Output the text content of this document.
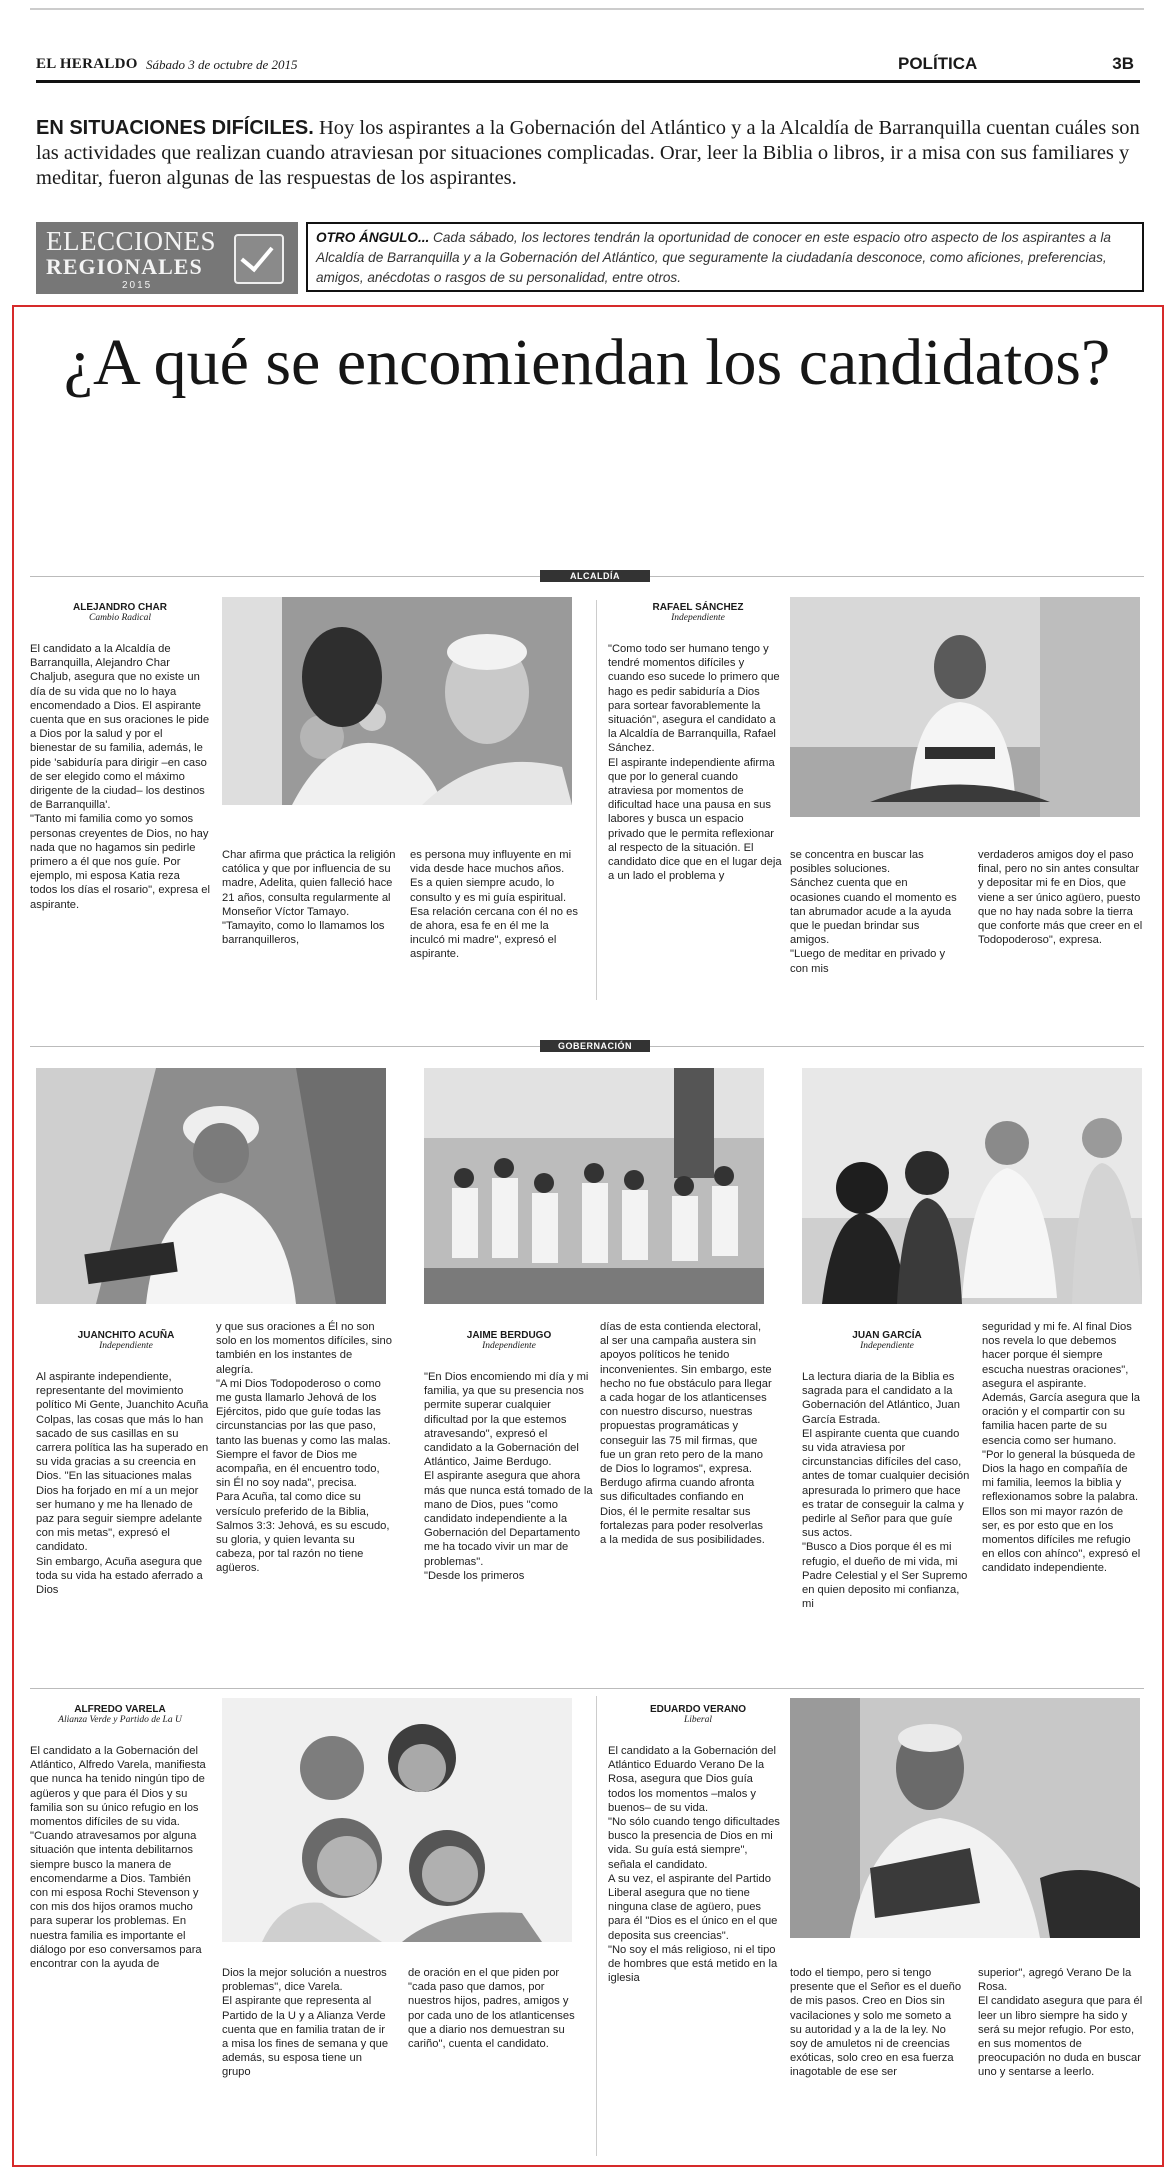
EL HERALDO Sábado 3 de octubre de 2015	POLÍTICA	3B
EN SITUACIONES DIFÍCILES. Hoy los aspirantes a la Gobernación del Atlántico y a la Alcaldía de Barranquilla cuentan cuáles son las actividades que realizan cuando atraviesan por situaciones complicadas. Orar, leer la Biblia o libros, ir a misa con sus familiares y meditar, fueron algunas de las respuestas de los aspirantes.
ELECCIONES
REGIONALES
2015
OTRO ÁNGULO... Cada sábado, los lectores tendrán la oportunidad de conocer en este espacio otro aspecto de los aspirantes a la Alcaldía de Barranquilla y a la Gobernación del Atlántico, que seguramente la ciudadanía desconoce, como aficiones, preferencias, amigos, anécdotas o rasgos de su personalidad, entre otros.
¿A qué se encomiendan los candidatos?
ALCALDÍA
ALEJANDRO CHAR
Cambio Radical
El candidato a la Alcaldía de Barranquilla, Alejandro Char Chaljub, asegura que no existe un día de su vida que no lo haya encomendado a Dios. El aspirante cuenta que en sus oraciones le pide a Dios por la salud y por el bienestar de su familia, además, le pide 'sabiduría para dirigir –en caso de ser elegido como el máximo dirigente de la ciudad– los destinos de Barranquilla'.
"Tanto mi familia como yo somos personas creyentes de Dios, no hay nada que no hagamos sin pedirle primero a él que nos guíe. Por ejemplo, mi esposa Katia reza todos los días el rosario", expresa el aspirante.
Char afirma que práctica la religión católica y que por influencia de su madre, Adelita, quien falleció hace 21 años, consulta regularmente al Monseñor Víctor Tamayo.
"Tamayito, como lo llamamos los barranquilleros,
es persona muy influyente en mi vida desde hace muchos años. Es a quien siempre acudo, lo consulto y es mi guía espiritual. Esa relación cercana con él no es de ahora, esa fe en él me la inculcó mi madre", expresó el aspirante.
RAFAEL SÁNCHEZ
Independiente
"Como todo ser humano tengo y tendré momentos difíciles y cuando eso sucede lo primero que hago es pedir sabiduría a Dios para sortear favorablemente la situación", asegura el candidato a la Alcaldía de Barranquilla, Rafael Sánchez.
El aspirante independiente afirma que por lo general cuando atraviesa por momentos de dificultad hace una pausa en sus labores y busca un espacio privado que le permita reflexionar al respecto de la situación. El candidato dice que en el lugar deja a un lado el problema y
se concentra en buscar las posibles soluciones.
Sánchez cuenta que en ocasiones cuando el momento es tan abrumador acude a la ayuda que le puedan brindar sus amigos.
"Luego de meditar en privado y con mis
verdaderos amigos doy el paso final, pero no sin antes consultar y depositar mi fe en Dios, que viene a ser único agüero, puesto que no hay nada sobre la tierra que conforte más que creer en el Todopoderoso", expresa.
GOBERNACIÓN
JUANCHITO ACUÑA
Independiente
Al aspirante independiente, representante del movimiento político Mi Gente, Juanchito Acuña Colpas, las cosas que más lo han sacado de sus casillas en su carrera política las ha superado en su vida gracias a su creencia en Dios. "En las situaciones malas Dios ha forjado en mí a un mejor ser humano y me ha llenado de paz para seguir siempre adelante con mis metas", expresó el candidato.
Sin embargo, Acuña asegura que toda su vida ha estado aferrado a Dios
y que sus oraciones a Él no son solo en los momentos difíciles, sino también en los instantes de alegría.
"A mi Dios Todopoderoso o como me gusta llamarlo Jehová de los Ejércitos, pido que guíe todas las circunstancias por las que paso, tanto las buenas y como las malas. Siempre el favor de Dios me acompaña, en él encuentro todo, sin Él no soy nada", precisa.
Para Acuña, tal como dice su versículo preferido de la Biblia, Salmos 3:3: Jehová, es su escudo, su gloria, y quien levanta su cabeza, por tal razón no tiene agüeros.
JAIME BERDUGO
Independiente
"En Dios encomiendo mi día y mi familia, ya que su presencia nos permite superar cualquier dificultad por la que estemos atravesando", expresó el candidato a la Gobernación del Atlántico, Jaime Berdugo.
El aspirante asegura que ahora más que nunca está tomado de la mano de Dios, pues "como candidato independiente a la Gobernación del Departamento me ha tocado vivir un mar de problemas".
"Desde los primeros
días de esta contienda electoral, al ser una campaña austera sin apoyos políticos he tenido inconvenientes. Sin embargo, este hecho no fue obstáculo para llegar a cada hogar de los atlanticenses con nuestro discurso, nuestras propuestas programáticas y conseguir las 75 mil firmas, que fue un gran reto pero de la mano de Dios lo logramos", expresa.
Berdugo afirma cuando afronta sus dificultades confiando en Dios, él le permite resaltar sus fortalezas para poder resolverlas a la medida de sus posibilidades.
JUAN GARCÍA
Independiente
La lectura diaria de la Biblia es sagrada para el candidato a la Gobernación del Atlántico, Juan García Estrada.
El aspirante cuenta que cuando su vida atraviesa por circunstancias difíciles del caso, antes de tomar cualquier decisión apresurada lo primero que hace es tratar de conseguir la calma y pedirle al Señor para que guíe sus actos.
"Busco a Dios porque él es mi refugio, el dueño de mi vida, mi Padre Celestial y el Ser Supremo en quien deposito mi confianza, mi
seguridad y mi fe. Al final Dios nos revela lo que debemos hacer porque él siempre escucha nuestras oraciones", asegura el aspirante.
Además, García asegura que la oración y el compartir con su familia hacen parte de su esencia como ser humano.
"Por lo general la búsqueda de Dios la hago en compañía de mi familia, leemos la biblia y reflexionamos sobre la palabra. Ellos son mi mayor razón de ser, es por esto que en los momentos difíciles me refugio en ellos con ahínco", expresó el candidato independiente.
ALFREDO VARELA
Alianza Verde y Partido de La U
El candidato a la Gobernación del Atlántico, Alfredo Varela, manifiesta que nunca ha tenido ningún tipo de agüeros y que para él Dios y su familia son su único refugio en los momentos difíciles de su vida.
"Cuando atravesamos por alguna situación que intenta debilitarnos siempre busco la manera de encomendarme a Dios. También con mi esposa Rochi Stevenson y con mis dos hijos oramos mucho para superar los problemas. En nuestra familia es importante el diálogo por eso conversamos para encontrar con la ayuda de
Dios la mejor solución a nuestros problemas", dice Varela.
El aspirante que representa al Partido de la U y a Alianza Verde cuenta que en familia tratan de ir a misa los fines de semana y que además, su esposa tiene un grupo
de oración en el que piden por "cada paso que damos, por nuestros hijos, padres, amigos y por cada uno de los atlanticenses que a diario nos demuestran su cariño", cuenta el candidato.
EDUARDO VERANO
Liberal
El candidato a la Gobernación del Atlántico Eduardo Verano De la Rosa, asegura que Dios guía todos los momentos –malos y buenos– de su vida.
"No sólo cuando tengo dificultades busco la presencia de Dios en mi vida. Su guía está siempre", señala el candidato.
A su vez, el aspirante del Partido Liberal asegura que no tiene ninguna clase de agüero, pues para él "Dios es el único en el que deposita sus creencias".
"No soy el más religioso, ni el tipo de hombres que está metido en la iglesia	todo el tiempo, pero si tengo presente que el Señor es el dueño de mis pasos. Creo en Dios sin vacilaciones y solo me someto a su autoridad y a la de la ley. No soy de amuletos ni de creencias exóticas, solo creo en esa fuerza inagotable de ese ser
superior", agregó Verano De la Rosa.
El candidato asegura que para él leer un libro siempre ha sido y será su mejor refugio. Por esto, en sus momentos de preocupación no duda en buscar uno y sentarse a leerlo.
